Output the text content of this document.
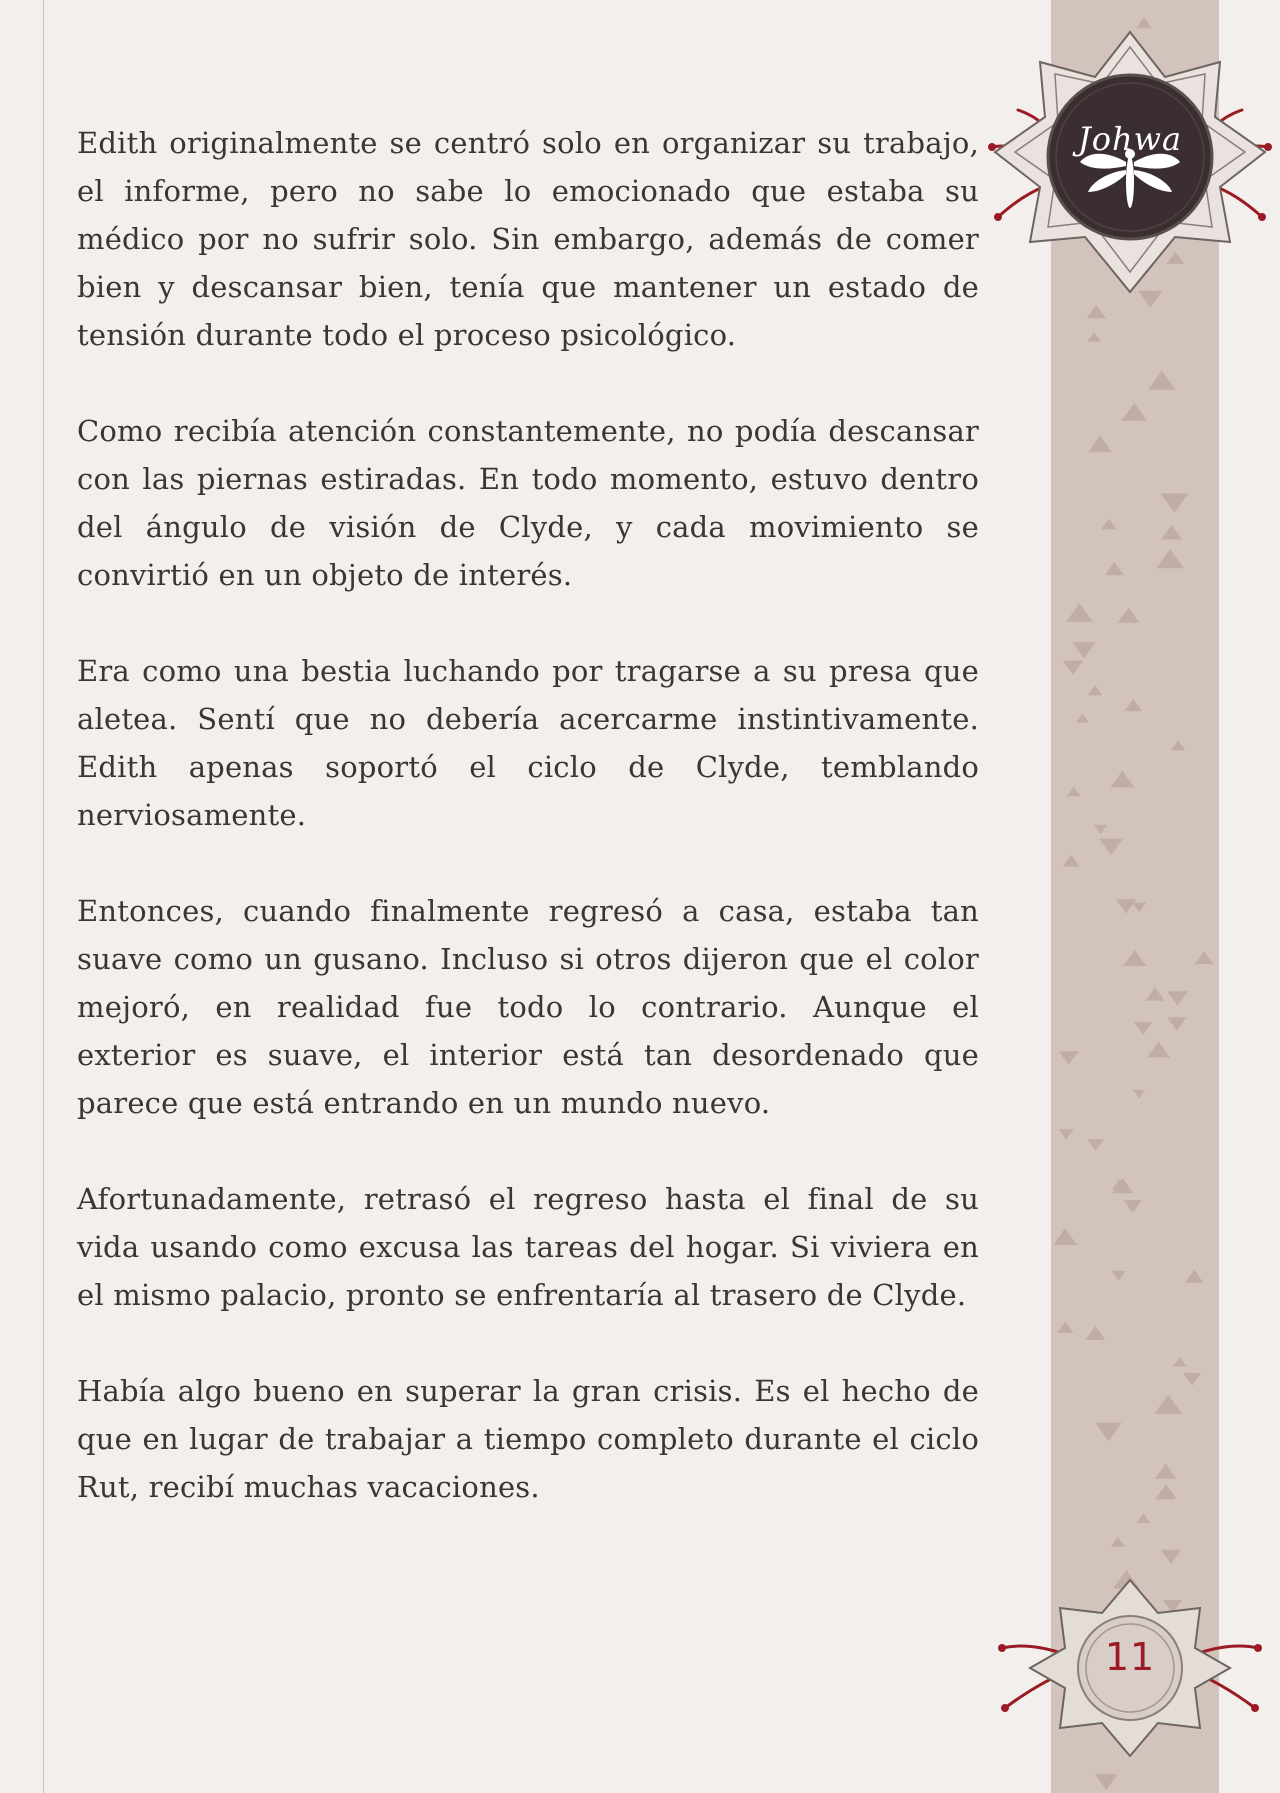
Edith originalmente se centró solo en organizar su trabajo, el informe, pero no sabe lo emocionado que estaba su médico por no sufrir solo. Sin embargo, además de comer bien y descansar bien, tenía que mantener un estado de tensión durante todo el proceso psicológico.

Como recibía atención constantemente, no podía descansar con las piernas estiradas. En todo momento, estuvo dentro del ángulo de visión de Clyde, y cada movimiento se convirtió en un objeto de interés.

Era como una bestia luchando por tragarse a su presa que aletea. Sentí que no debería acercarme instintivamente. Edith apenas soportó el ciclo de Clyde, temblando nerviosamente.

Entonces, cuando finalmente regresó a casa, estaba tan suave como un gusano. Incluso si otros dijeron que el color mejoró, en realidad fue todo lo contrario. Aunque el exterior es suave, el interior está tan desordenado que parece que está entrando en un mundo nuevo.

Afortunadamente, retrasó el regreso hasta el final de su vida usando como excusa las tareas del hogar. Si viviera en el mismo palacio, pronto se enfrentaría al trasero de Clyde.

Había algo bueno en superar la gran crisis. Es el hecho de que en lugar de trabajar a tiempo completo durante el ciclo Rut, recibí muchas vacaciones.

Johwa
11
